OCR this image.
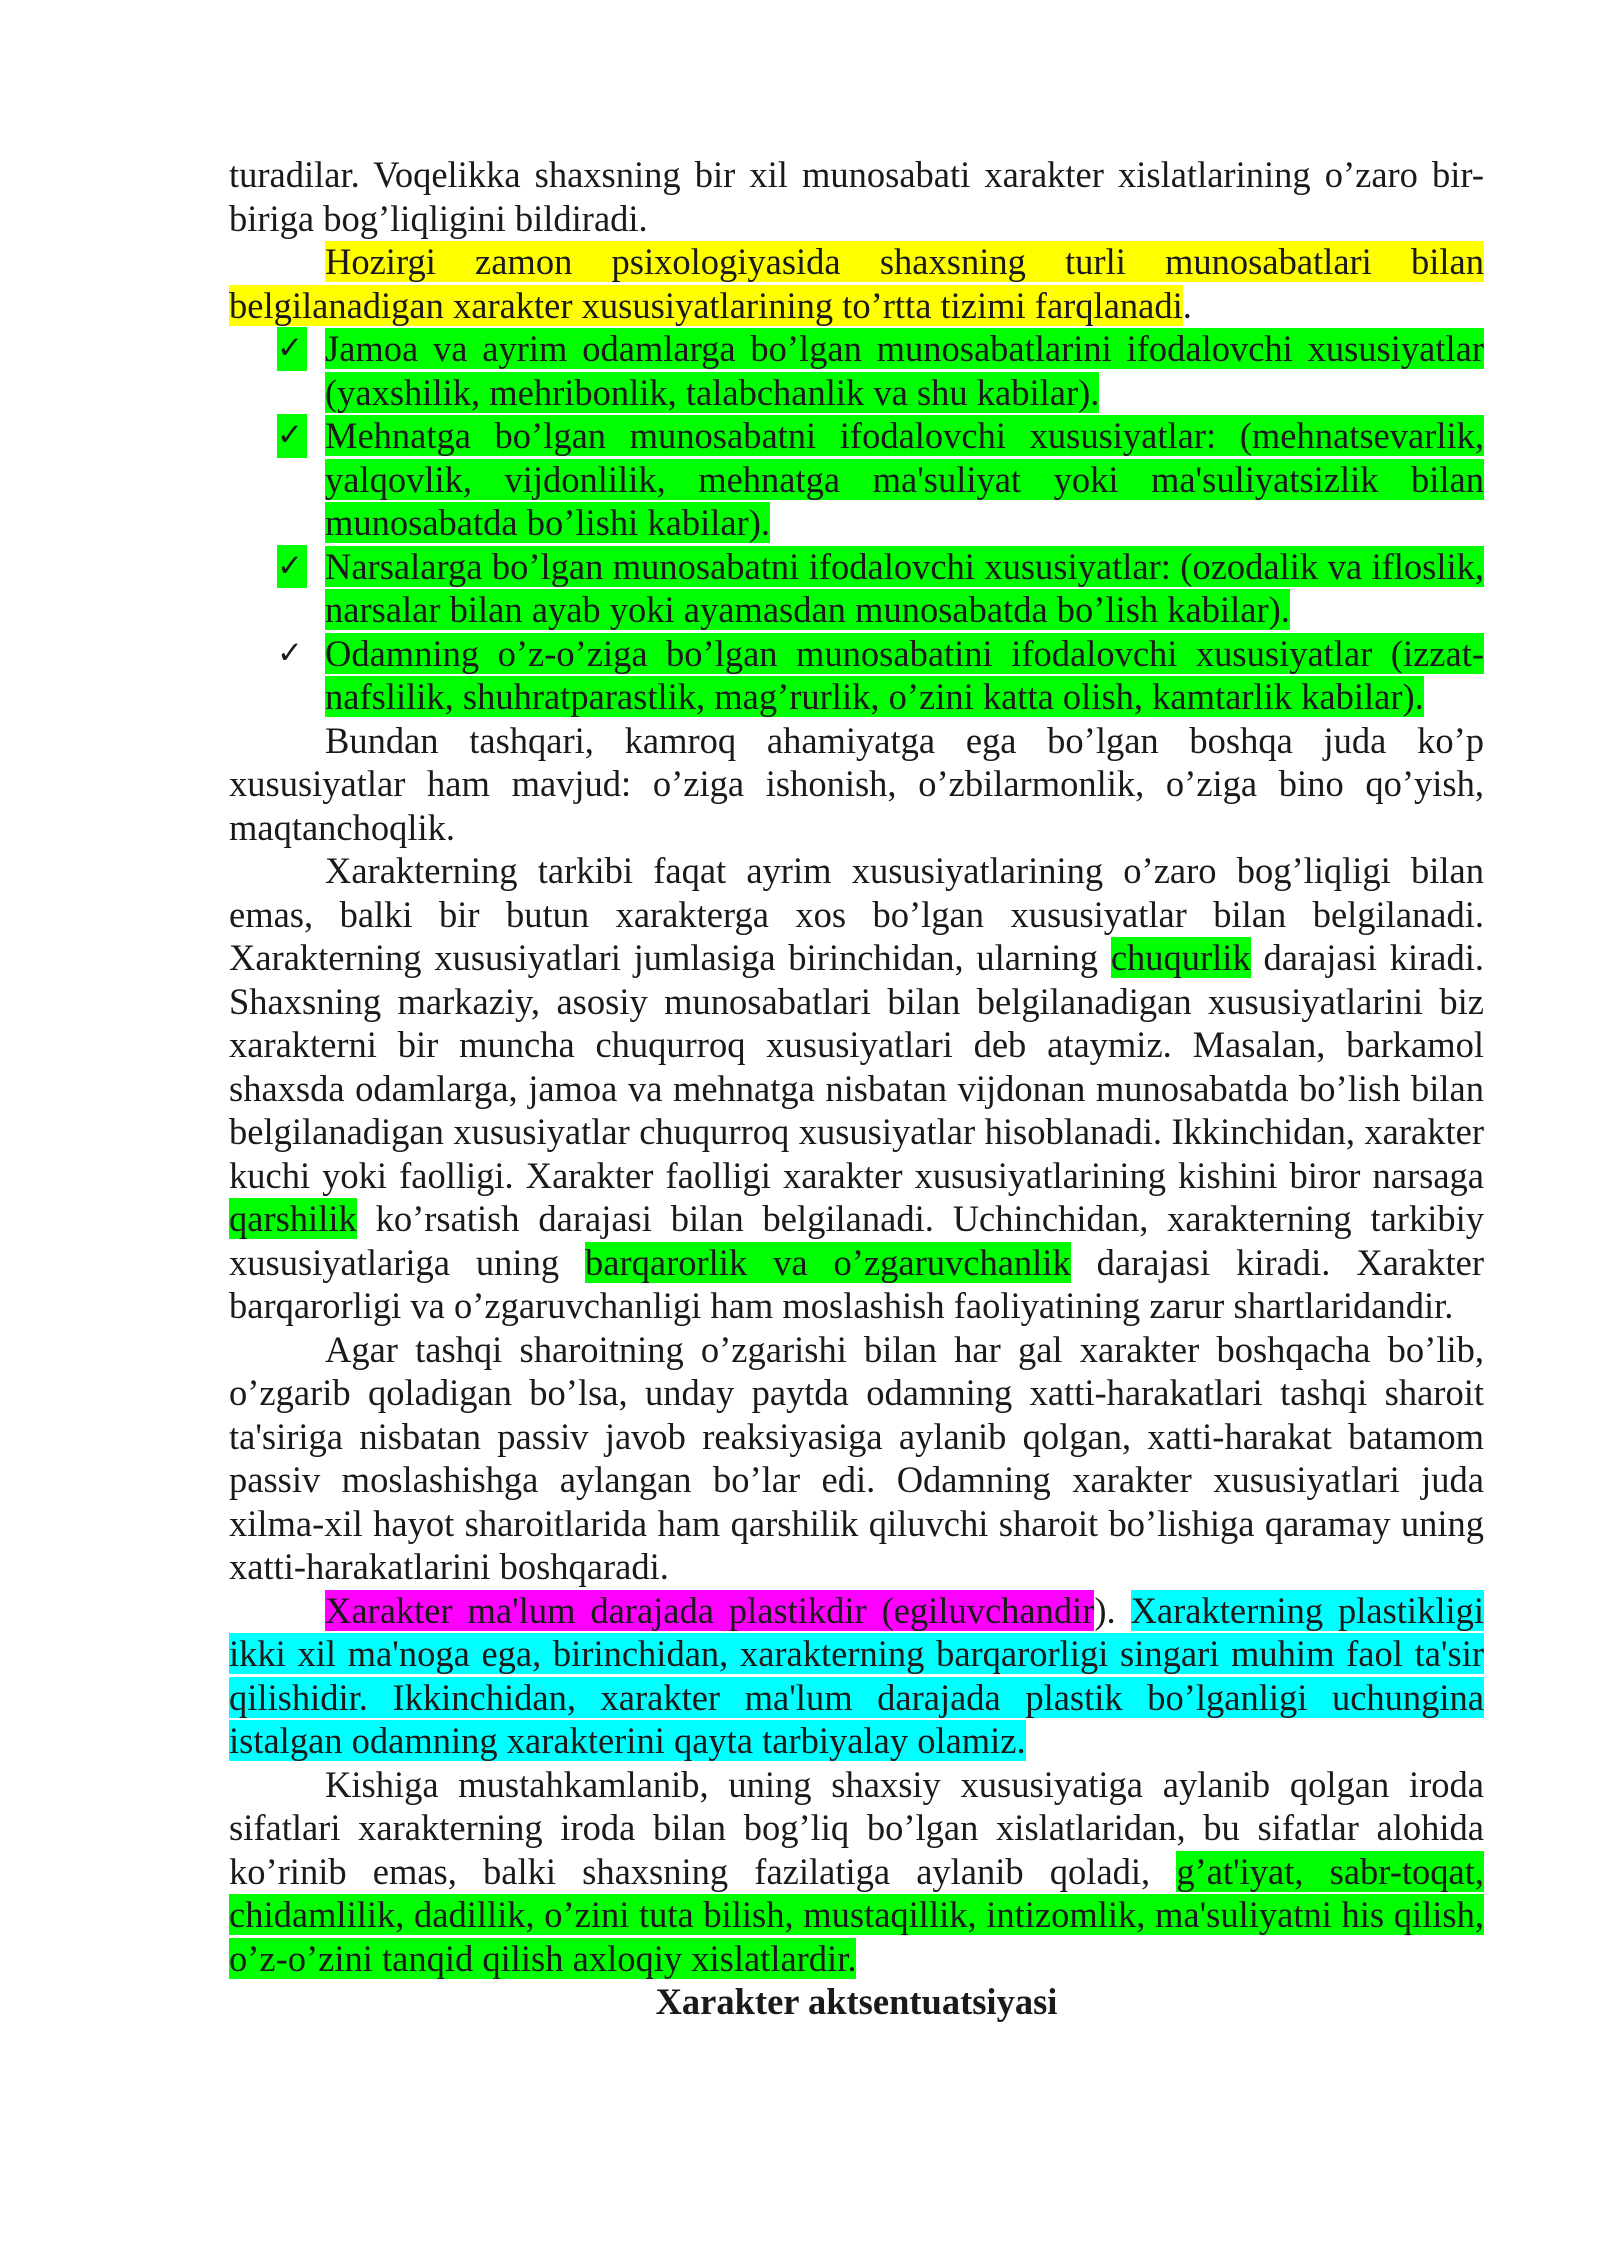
turadilar. Voqelikka shaxsning bir xil munosabati xarakter xislatlarining o’zaro bir-biriga bog’liqligini bildiradi.

Hozirgi zamon psixologiyasida shaxsning turli munosabatlari bilan belgilanadigan xarakter xususiyatlarining to’rtta tizimi farqlanadi.

✓ Jamoa va ayrim odamlarga bo’lgan munosabatlarini ifodalovchi xususiyatlar (yaxshilik, mehribonlik, talabchanlik va shu kabilar).
✓ Mehnatga bo’lgan munosabatni ifodalovchi xususiyatlar: (mehnatsevarlik, yalqovlik, vijdonlilik, mehnatga ma'suliyat yoki ma'suliyatsizlik bilan munosabatda bo’lishi kabilar).
✓ Narsalarga bo’lgan munosabatni ifodalovchi xususiyatlar: (ozodalik va ifloslik, narsalar bilan ayab yoki ayamasdan munosabatda bo’lish kabilar).
✓ Odamning o’z-o’ziga bo’lgan munosabatini ifodalovchi xususiyatlar (izzat-nafslilik, shuhratparastlik, mag’rurlik, o’zini katta olish, kamtarlik kabilar).

Bundan tashqari, kamroq ahamiyatga ega bo’lgan boshqa juda ko’p xususiyatlar ham mavjud: o’ziga ishonish, o’zbilarmonlik, o’ziga bino qo’yish, maqtanchoqlik.

Xarakterning tarkibi faqat ayrim xususiyatlarining o’zaro bog’liqligi bilan emas, balki bir butun xarakterga xos bo’lgan xususiyatlar bilan belgilanadi. Xarakterning xususiyatlari jumlasiga birinchidan, ularning chuqurlik darajasi kiradi. Shaxsning markaziy, asosiy munosabatlari bilan belgilanadigan xususiyatlarini biz xarakterni bir muncha chuqurroq xususiyatlari deb ataymiz. Masalan, barkamol shaxsda odamlarga, jamoa va mehnatga nisbatan vijdonan munosabatda bo’lish bilan belgilanadigan xususiyatlar chuqurroq xususiyatlar hisoblanadi. Ikkinchidan, xarakter kuchi yoki faolligi. Xarakter faolligi xarakter xususiyatlarining kishini biror narsaga qarshilik ko’rsatish darajasi bilan belgilanadi. Uchinchidan, xarakterning tarkibiy xususiyatlariga uning barqarorlik va o’zgaruvchanlik darajasi kiradi. Xarakter barqarorligi va o’zgaruvchanligi ham moslashish faoliyatining zarur shartlaridandir.

Agar tashqi sharoitning o’zgarishi bilan har gal xarakter boshqacha bo’lib, o’zgarib qoladigan bo’lsa, unday paytda odamning xatti-harakatlari tashqi sharoit ta'siriga nisbatan passiv javob reaksiyasiga aylanib qolgan, xatti-harakat batamom passiv moslashishga aylangan bo’lar edi. Odamning xarakter xususiyatlari juda xilma-xil hayot sharoitlarida ham qarshilik qiluvchi sharoit bo’lishiga qaramay uning xatti-harakatlarini boshqaradi.

Xarakter ma'lum darajada plastikdir (egiluvchandir). Xarakterning plastikligi ikki xil ma'noga ega, birinchidan, xarakterning barqarorligi singari muhim faol ta'sir qilishidir. Ikkinchidan, xarakter ma'lum darajada plastik bo’lganligi uchungina istalgan odamning xarakterini qayta tarbiyalay olamiz.

Kishiga mustahkamlanib, uning shaxsiy xususiyatiga aylanib qolgan iroda sifatlari xarakterning iroda bilan bog’liq bo’lgan xislatlaridan, bu sifatlar alohida ko’rinib emas, balki shaxsning fazilatiga aylanib qoladi, g’at'iyat, sabr-toqat, chidamlilik, dadillik, o’zini tuta bilish, mustaqillik, intizomlik, ma'suliyatni his qilish, o’z-o’zini tanqid qilish axloqiy xislatlardir.

Xarakter aktsentuatsiyasi
